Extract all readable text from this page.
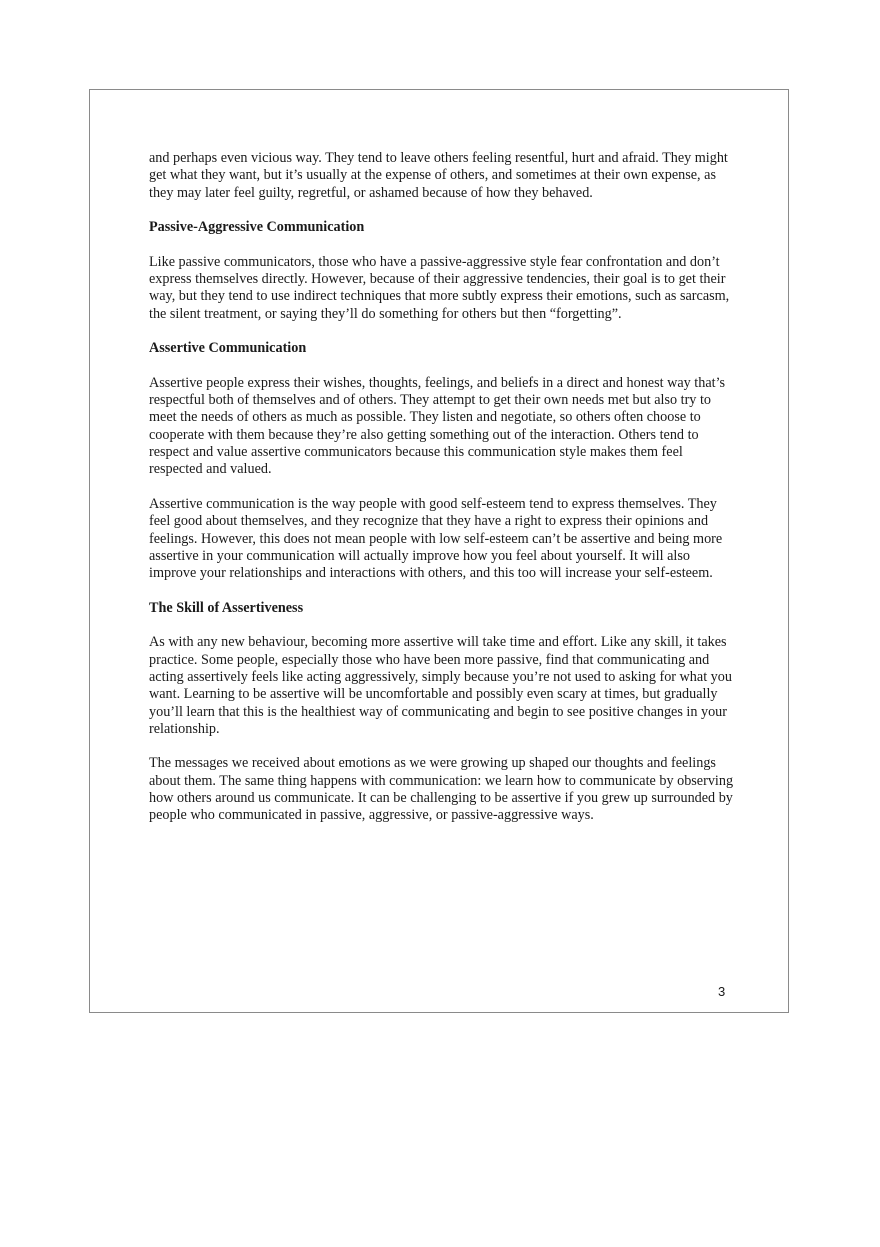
and perhaps even vicious way. They tend to leave others feeling resentful, hurt and afraid. They might get what they want, but it’s usually at the expense of others, and sometimes at their own expense, as they may later feel guilty, regretful, or ashamed because of how they behaved.

Passive-Aggressive Communication

Like passive communicators, those who have a passive-aggressive style fear confrontation and don’t express themselves directly. However, because of their aggressive tendencies, their goal is to get their way, but they tend to use indirect techniques that more subtly express their emotions, such as sarcasm, the silent treatment, or saying they’ll do something for others but then “forgetting”.

Assertive Communication

Assertive people express their wishes, thoughts, feelings, and beliefs in a direct and honest way that’s respectful both of themselves and of others. They attempt to get their own needs met but also try to meet the needs of others as much as possible. They listen and negotiate, so others often choose to cooperate with them because they’re also getting something out of the interaction. Others tend to respect and value assertive communicators because this communication style makes them feel respected and valued.

Assertive communication is the way people with good self-esteem tend to express themselves. They feel good about themselves, and they recognize that they have a right to express their opinions and feelings. However, this does not mean people with low self-esteem can’t be assertive and being more assertive in your communication will actually improve how you feel about yourself. It will also improve your relationships and interactions with others, and this too will increase your self-esteem.

The Skill of Assertiveness

As with any new behaviour, becoming more assertive will take time and effort. Like any skill, it takes practice. Some people, especially those who have been more passive, find that communicating and acting assertively feels like acting aggressively, simply because you’re not used to asking for what you want. Learning to be assertive will be uncomfortable and possibly even scary at times, but gradually you’ll learn that this is the healthiest way of communicating and begin to see positive changes in your relationship.

The messages we received about emotions as we were growing up shaped our thoughts and feelings about them. The same thing happens with communication: we learn how to communicate by observing how others around us communicate. It can be challenging to be assertive if you grew up surrounded by people who communicated in passive, aggressive, or passive-aggressive ways.

3
